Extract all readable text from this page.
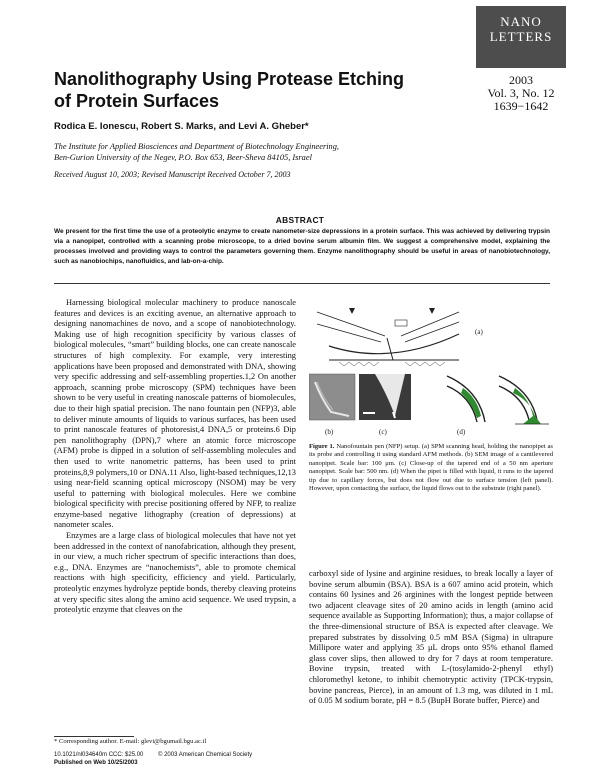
NANO
LETTERS
2003
Vol. 3, No. 12
1639−1642
Nanolithography Using Protease Etching
of Protein Surfaces
Rodica E. Ionescu, Robert S. Marks, and Levi A. Gheber*
The Institute for Applied Biosciences and Department of Biotechnology Engineering,
Ben-Gurion University of the Negev, P.O. Box 653, Beer-Sheva 84105, Israel
Received August 10, 2003; Revised Manuscript Received October 7, 2003
ABSTRACT
We present for the first time the use of a proteolytic enzyme to create nanometer-size depressions in a protein surface. This was achieved by delivering trypsin via a nanopipet, controlled with a scanning probe microscope, to a dried bovine serum albumin film. We suggest a comprehensive model, explaining the processes involved and providing ways to control the parameters governing them. Enzyme nanolithography should be useful in areas of nanobiotechnology, such as nanobiochips, nanofluidics, and lab-on-a-chip.

Harnessing biological molecular machinery to produce nanoscale features and devices is an exciting avenue, an alternative approach to designing nanomachines de novo, and a scope of nanobiotechnology. Making use of high recognition specificity by various classes of biological molecules, “smart” building blocks, one can create nanoscale structures of high complexity. For example, very interesting applications have been proposed and demonstrated with DNA, showing very specific addressing and self-assembling properties.1,2 On another approach, scanning probe microscopy (SPM) techniques have been shown to be very useful in creating nanoscale patterns of biomolecules, due to their high spatial precision. The nano fountain pen (NFP)3, able to deliver minute amounts of liquids to various surfaces, has been used to print nanoscale features of photoresist,4 DNA,5 or proteins.6 Dip pen nanolithography (DPN),7 where an atomic force microscope (AFM) probe is dipped in a solution of self-assembling molecules and then used to write nanometric patterns, has been used to print proteins,8,9 polymers,10 or DNA.11 Also, light-based techniques,12,13 using near-field scanning optical microscopy (NSOM) may be very useful to patterning with biological molecules. Here we combine biological specificity with precise positioning offered by NFP, to realize enzyme-based negative lithography (creation of depressions) at nanometer scales.

Enzymes are a large class of biological molecules that have not yet been addressed in the context of nanofabrication, although they present, in our view, a much richer spectrum of specific interactions than does, e.g., DNA. Enzymes are “nanochemists”, able to promote chemical reactions with high specificity, efficiency and yield. Particularly, proteolytic enzymes hydrolyze peptide bonds, thereby cleaving proteins at very specific sites along the amino acid sequence. We used trypsin, a proteolytic enzyme that cleaves on the

(a)
(b)	(c)	(d)
Figure 1. Nanofountain pen (NFP) setup. (a) SPM scanning head, holding the nanopipet as its probe and controlling it using standard AFM methods. (b) SEM image of a cantilevered nanopipet. Scale bar: 100 μm. (c) Close-up of the tapered end of a 50 nm aperture nanopipet. Scale bar: 500 nm. (d) When the pipet is filled with liquid, it runs to the tapered tip due to capillary forces, but does not flow out due to surface tension (left panel). However, upon contacting the surface, the liquid flows out to the substrate (right panel).

carboxyl side of lysine and arginine residues, to break locally a layer of bovine serum albumin (BSA). BSA is a 607 amino acid protein, which contains 60 lysines and 26 arginines with the longest peptide between two adjacent cleavage sites of 20 amino acids in length (amino acid sequence available as Supporting Information); thus, a major collapse of the three-dimensional structure of BSA is expected after cleavage. We prepared substrates by dissolving 0.5 mM BSA (Sigma) in ultrapure Millipore water and applying 35 μL drops onto 95% ethanol flamed glass cover slips, then allowed to dry for 7 days at room temperature. Bovine trypsin, treated with L-(tosylamido-2-phenyl ethyl) chloromethyl ketone, to inhibit chemotryptic activity (TPCK-trypsin, bovine pancreas, Pierce), in an amount of 1.3 mg, was diluted in 1 mL of 0.05 M sodium borate, pH = 8.5 (BupH Borate buffer, Pierce) and

* Corresponding author. E-mail: glevi@bgumail.bgu.ac.il
10.1021/nl034640m CCC: $25.00 © 2003 American Chemical Society
Published on Web 10/25/2003
